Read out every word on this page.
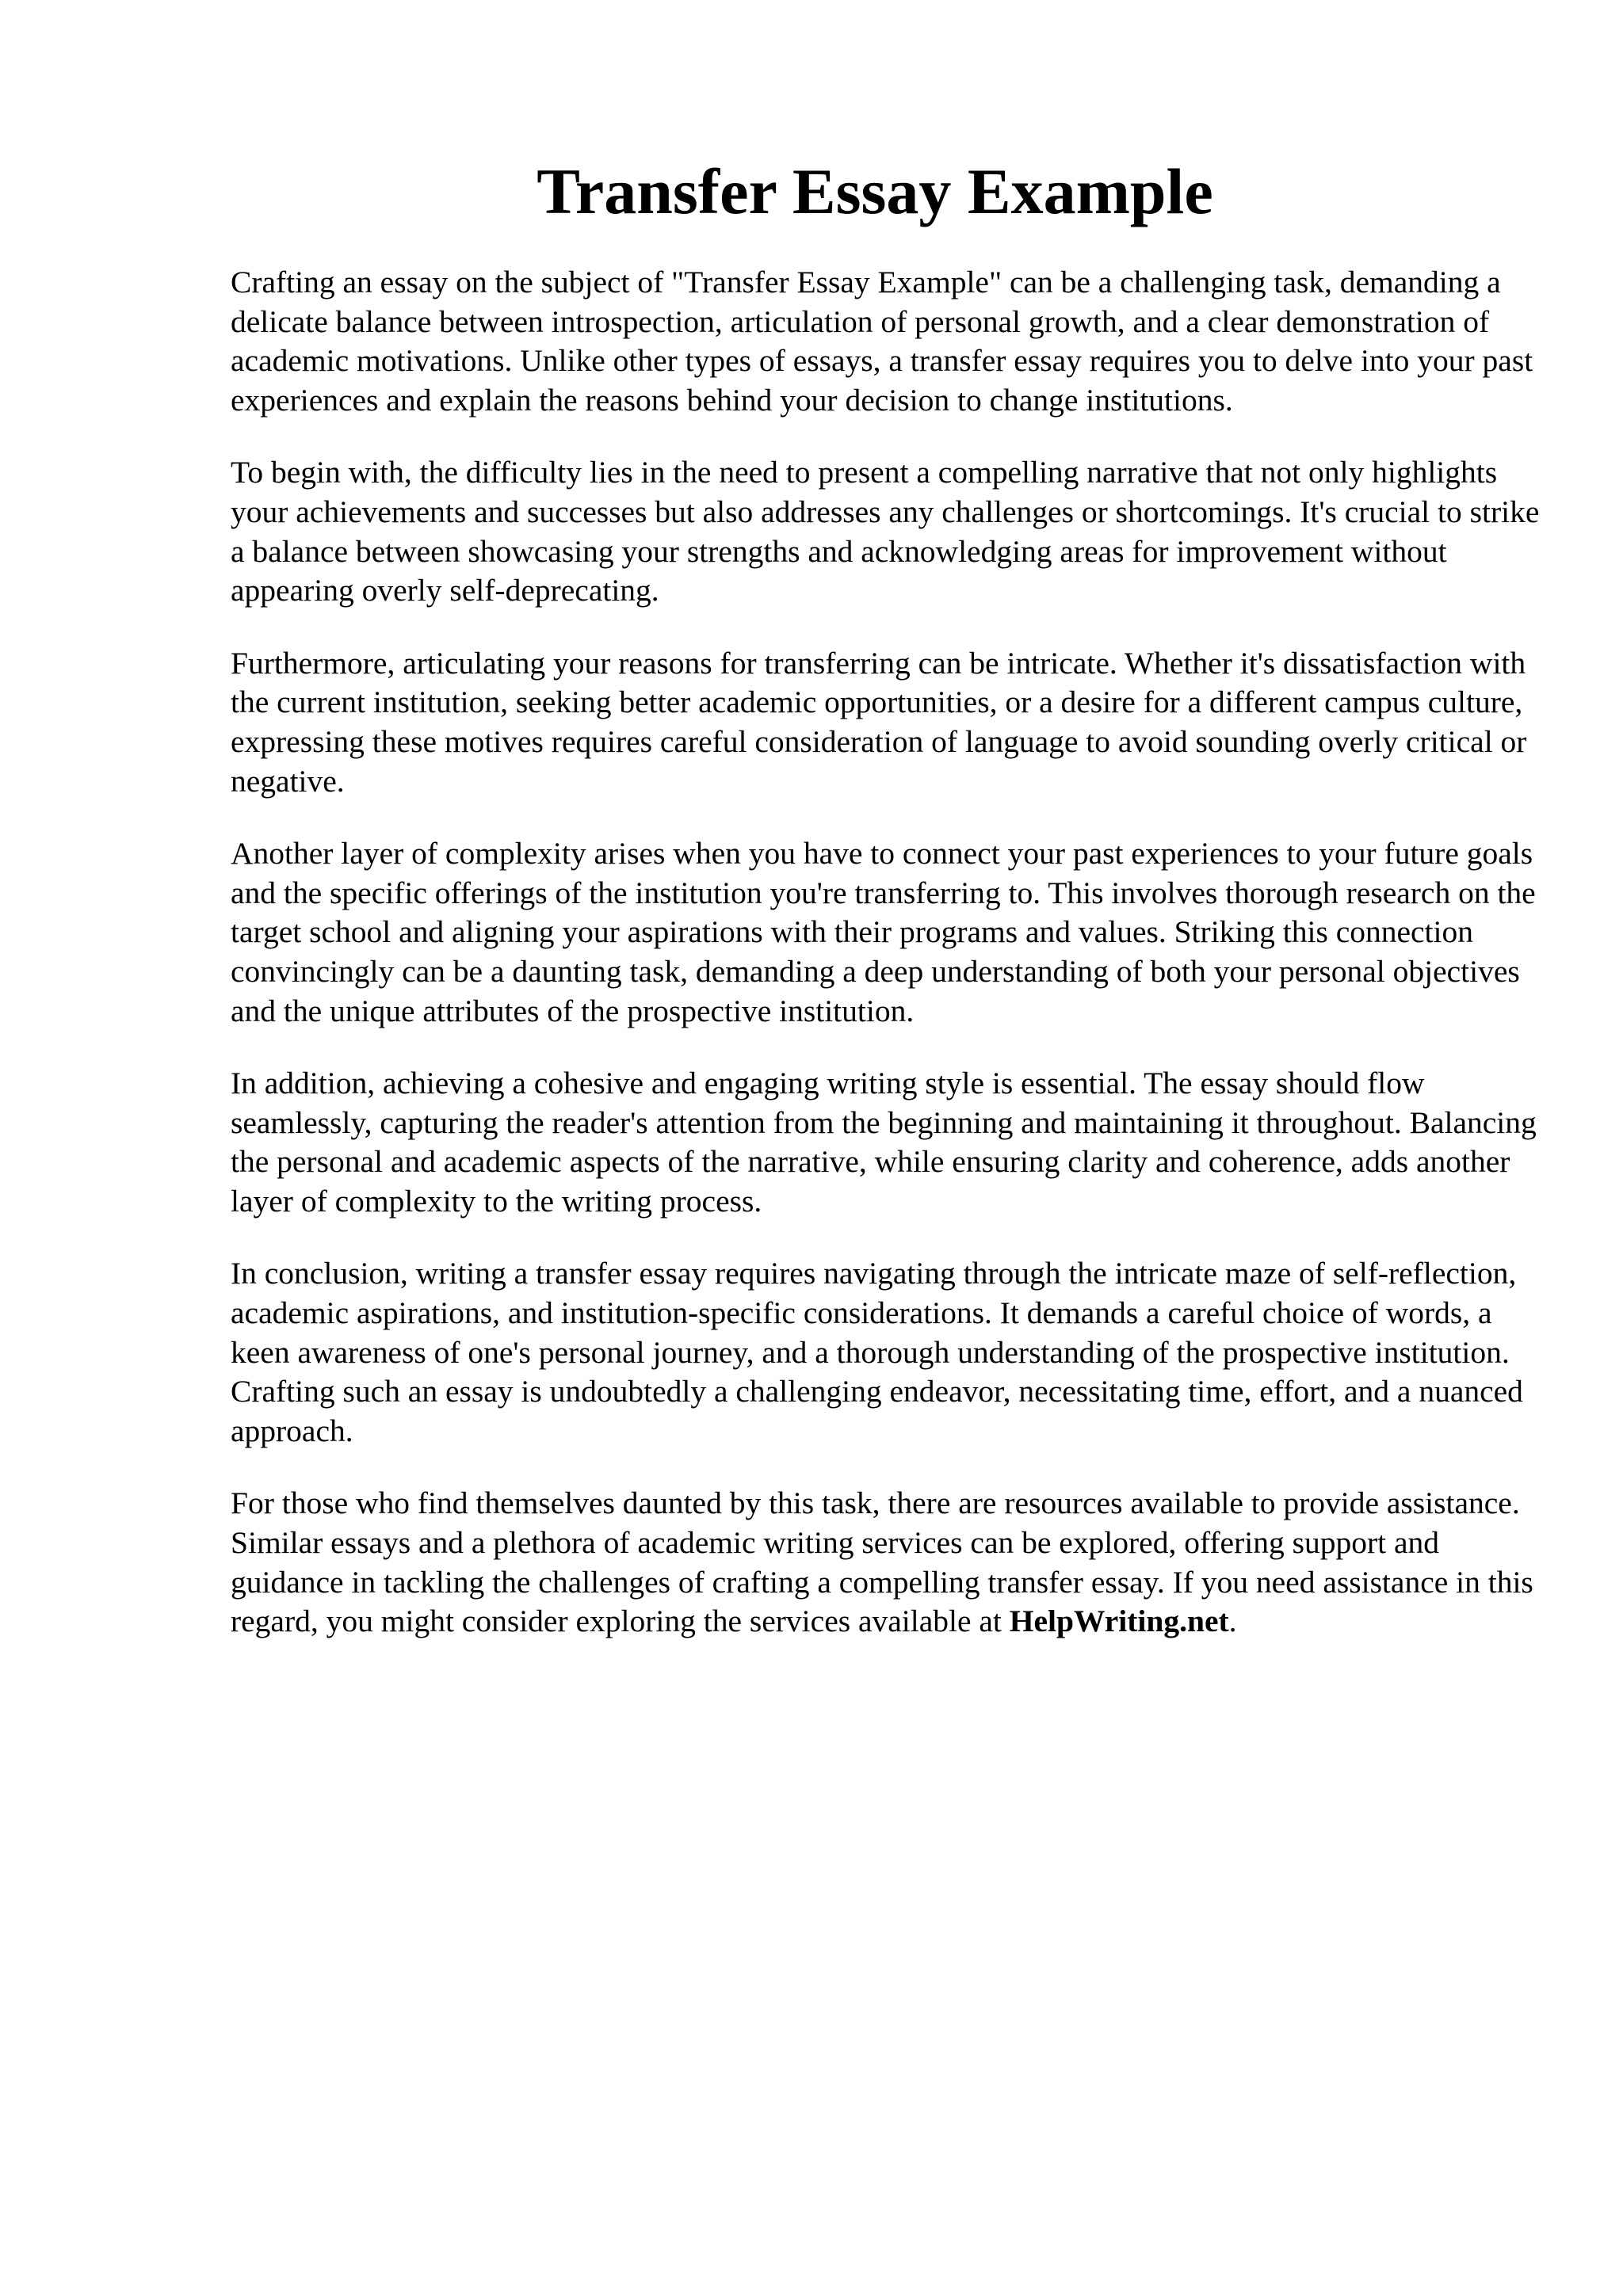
Transfer Essay Example

Crafting an essay on the subject of "Transfer Essay Example" can be a challenging task, demanding a delicate balance between introspection, articulation of personal growth, and a clear demonstration of academic motivations. Unlike other types of essays, a transfer essay requires you to delve into your past experiences and explain the reasons behind your decision to change institutions.

To begin with, the difficulty lies in the need to present a compelling narrative that not only highlights your achievements and successes but also addresses any challenges or shortcomings. It's crucial to strike a balance between showcasing your strengths and acknowledging areas for improvement without appearing overly self-deprecating.

Furthermore, articulating your reasons for transferring can be intricate. Whether it's dissatisfaction with the current institution, seeking better academic opportunities, or a desire for a different campus culture, expressing these motives requires careful consideration of language to avoid sounding overly critical or negative.

Another layer of complexity arises when you have to connect your past experiences to your future goals and the specific offerings of the institution you're transferring to. This involves thorough research on the target school and aligning your aspirations with their programs and values. Striking this connection convincingly can be a daunting task, demanding a deep understanding of both your personal objectives and the unique attributes of the prospective institution.

In addition, achieving a cohesive and engaging writing style is essential. The essay should flow seamlessly, capturing the reader's attention from the beginning and maintaining it throughout. Balancing the personal and academic aspects of the narrative, while ensuring clarity and coherence, adds another layer of complexity to the writing process.

In conclusion, writing a transfer essay requires navigating through the intricate maze of self-reflection, academic aspirations, and institution-specific considerations. It demands a careful choice of words, a keen awareness of one's personal journey, and a thorough understanding of the prospective institution. Crafting such an essay is undoubtedly a challenging endeavor, necessitating time, effort, and a nuanced approach.

For those who find themselves daunted by this task, there are resources available to provide assistance. Similar essays and a plethora of academic writing services can be explored, offering support and guidance in tackling the challenges of crafting a compelling transfer essay. If you need assistance in this regard, you might consider exploring the services available at HelpWriting.net.
